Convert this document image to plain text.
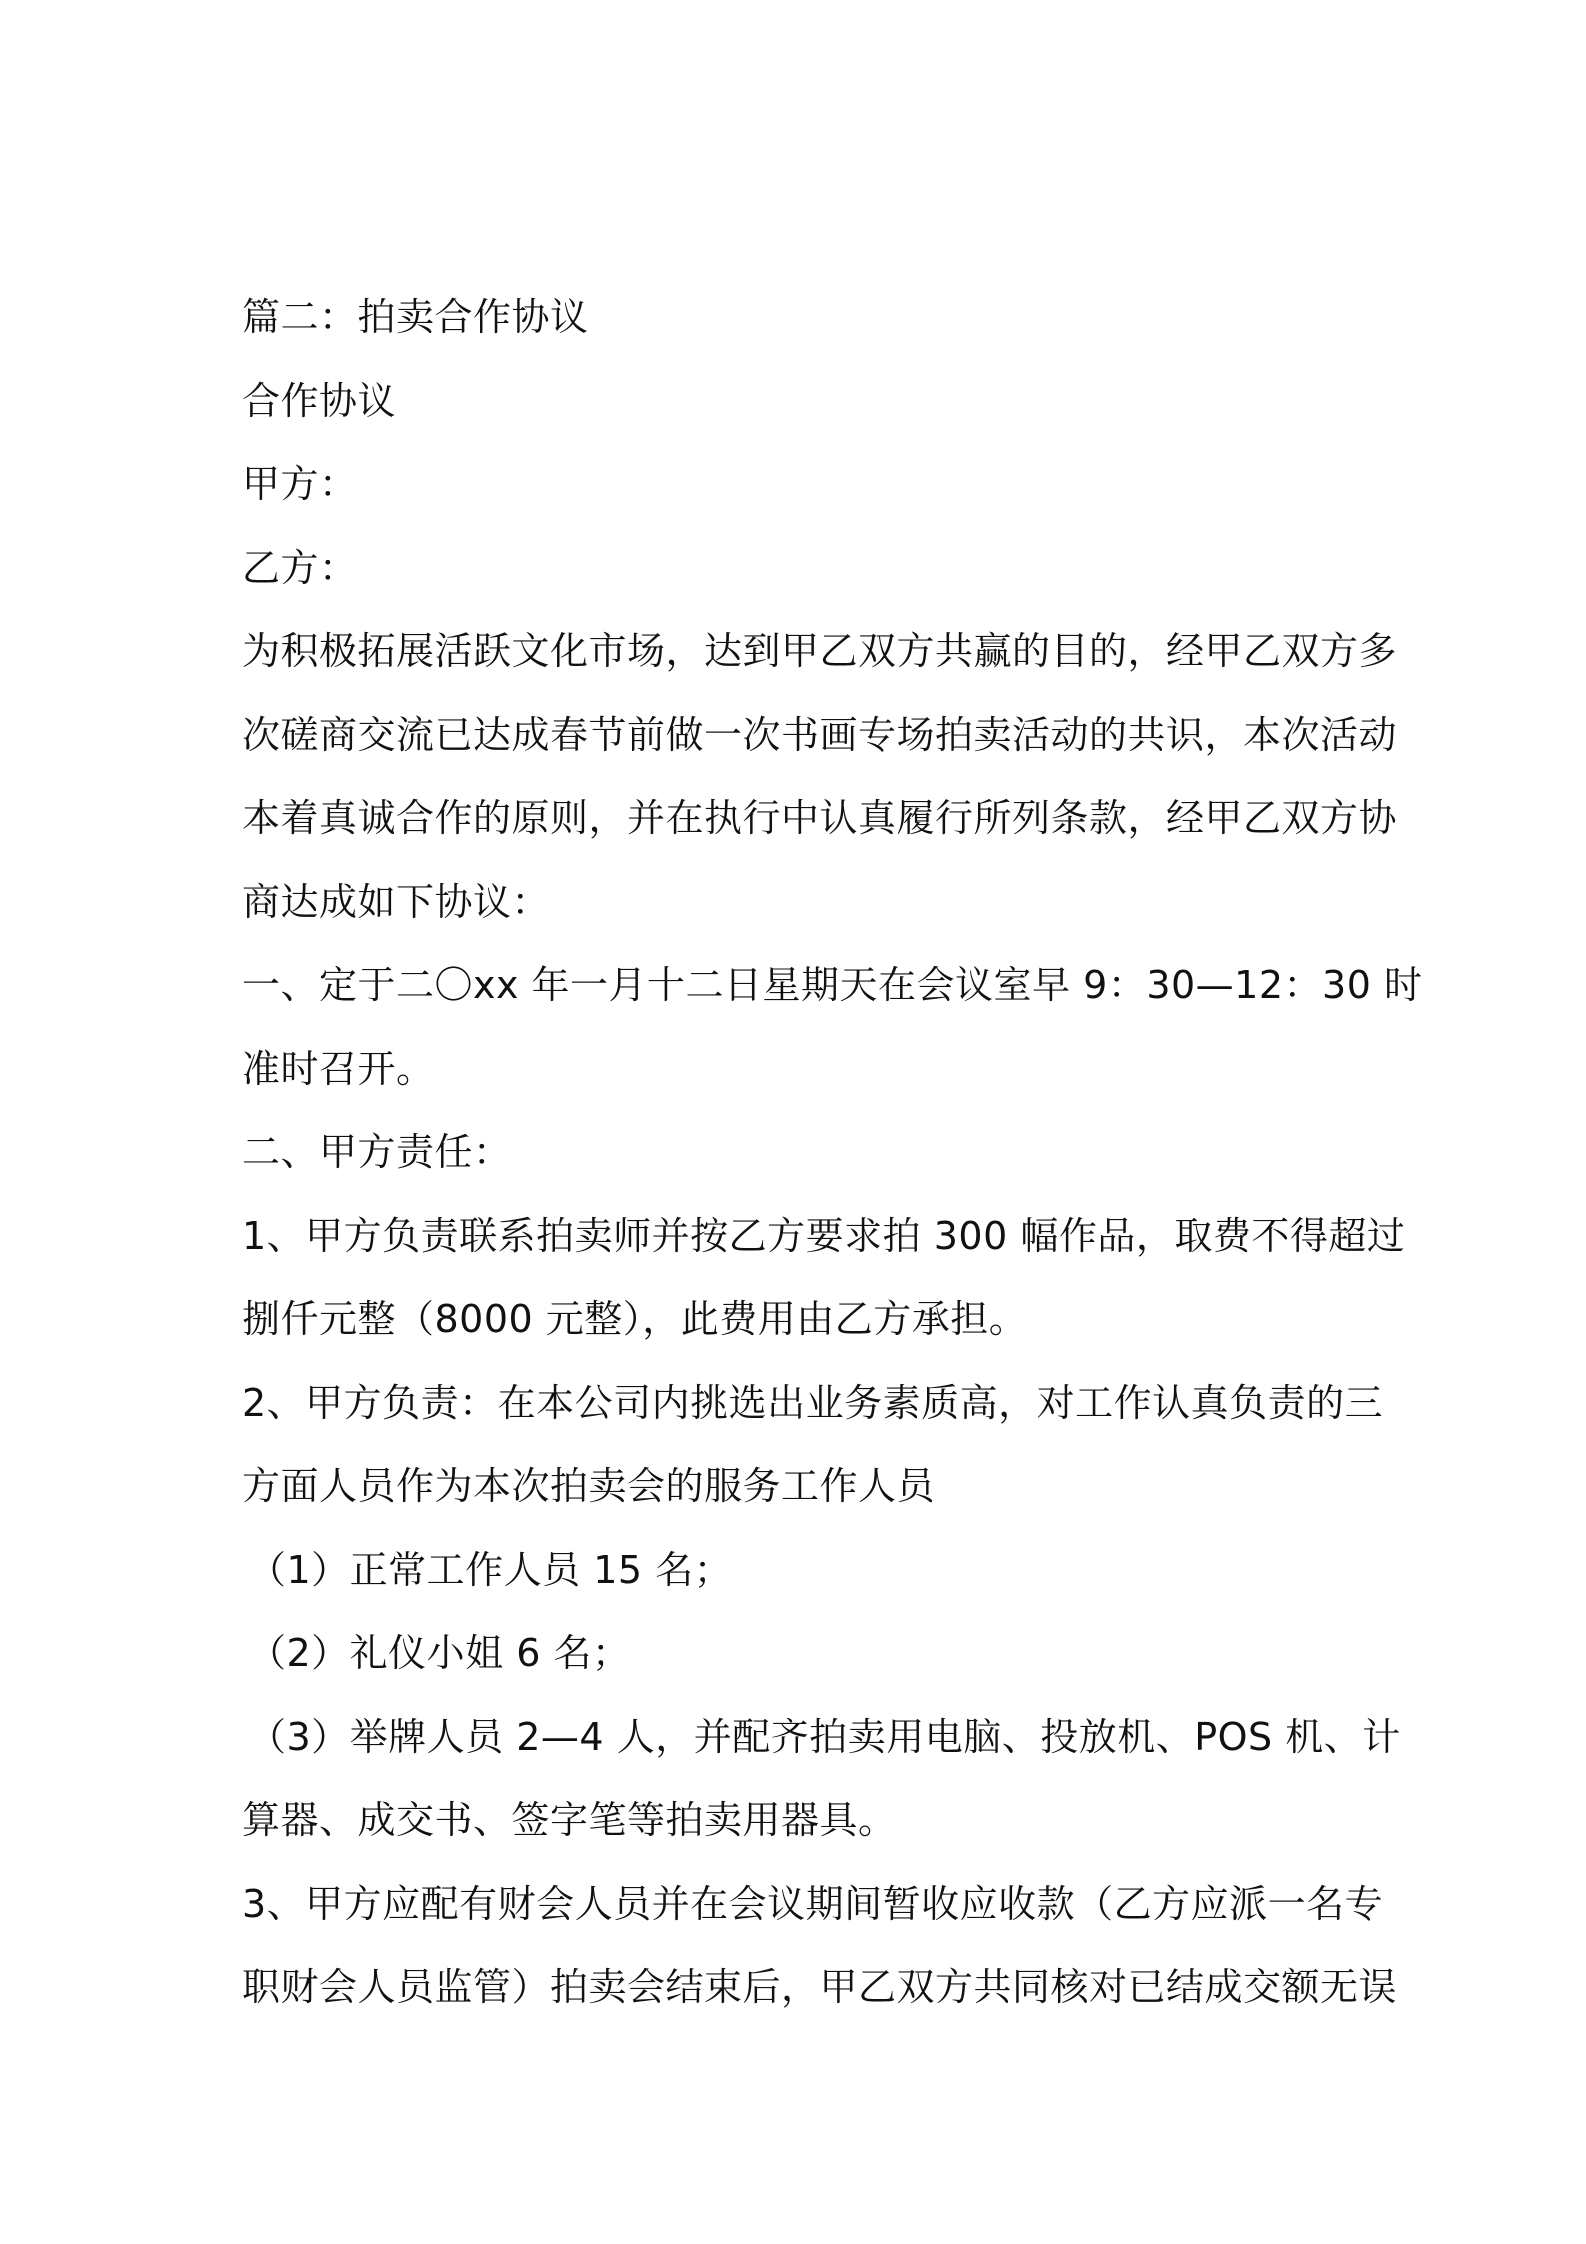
篇二：拍卖合作协议
合作协议
甲方：
乙方：
为积极拓展活跃文化市场，达到甲乙双方共赢的目的，经甲乙双方多
次磋商交流已达成春节前做一次书画专场拍卖活动的共识，本次活动
本着真诚合作的原则，并在执行中认真履行所列条款，经甲乙双方协
商达成如下协议：
一、定于二〇xx 年一月十二日星期天在会议室早 9：30—12：30 时
准时召开。
二、甲方责任：
1、甲方负责联系拍卖师并按乙方要求拍 300 幅作品，取费不得超过
捌仟元整（8000 元整），此费用由乙方承担。
2、甲方负责：在本公司内挑选出业务素质高，对工作认真负责的三
方面人员作为本次拍卖会的服务工作人员
（1）正常工作人员 15 名；
（2）礼仪小姐 6 名；
（3）举牌人员 2—4 人，并配齐拍卖用电脑、投放机、POS 机、计
算器、成交书、签字笔等拍卖用器具。
3、甲方应配有财会人员并在会议期间暂收应收款（乙方应派一名专
职财会人员监管）拍卖会结束后，甲乙双方共同核对已结成交额无误
